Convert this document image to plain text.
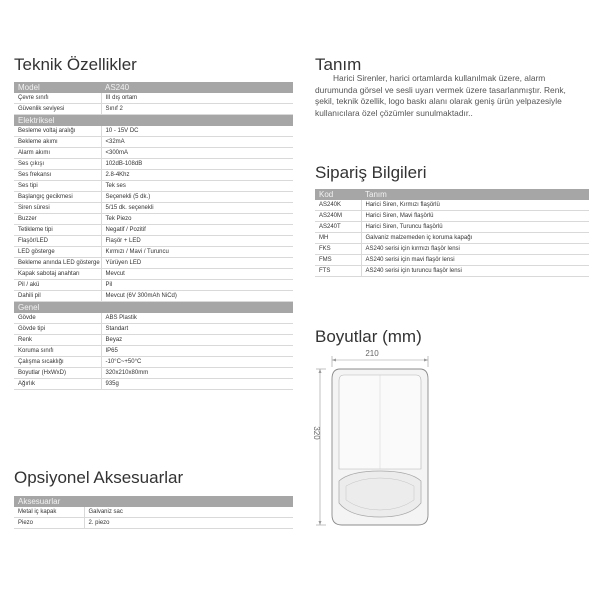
Teknik Özellikler
Model	AS240
Çevre sınıfı	III dış ortam
Güvenlik seviyesi	Sınıf 2
Elektriksel	
Besleme voltaj aralığı	10 - 15V DC
Bekleme akımı	<32mA
Alarm akımı	<300mA
Ses çıkışı	102dB-108dB
Ses frekansı	2.8-4Khz
Ses tipi	Tek ses
Başlangıç gecikmesi	Seçenekli (5 dk.)
Siren süresi	5/15 dk. seçenekli
Buzzer	Tek Piezo
Tetikleme tipi	Negatif / Pozitif
Flaşör/LED	Flaşör + LED
LED gösterge	Kırmızı / Mavi / Turuncu
Bekleme anında LED gösterge	Yürüyen LED
Kapak sabotaj anahtarı	Mevcut
Pil / akü	Pil
Dahili pil	Mevcut (6V 300mAh NiCd)
Genel	
Gövde	ABS Plastik
Gövde tipi	Standart
Renk	Beyaz
Koruma sınıfı	IP65
Çalışma sıcaklığı	-10°C~+50°C
Boyutlar (HxWxD)	320x210x80mm
Ağırlık	935g
Opsiyonel Aksesuarlar
Aksesuarlar	
Metal iç kapak	Galvaniz sac
Piezo	2. piezo
Tanım

Harici Sirenler, harici ortamlarda kullanılmak üzere, alarm durumunda görsel ve sesli uyarı vermek üzere tasarlanmıştır. Renk, şekil, teknik özellik, logo baskı alanı olarak geniş ürün yelpazesiyle kullanıcılara özel çözümler sunulmaktadır..

Sipariş Bilgileri
Kod	Tanım
AS240K	Harici Siren, Kırmızı flaşörlü
AS240M	Harici Siren, Mavi flaşörlü
AS240T	Harici Siren, Turuncu flaşörlü
MH	Galvaniz malzemeden iç koruma kapağı
FKS	AS240 serisi için kırmızı flaşör lensi
FMS	AS240 serisi için mavi flaşör lensi
FTS	AS240 serisi için turuncu flaşör lensi
Boyutlar (mm)
210
320
